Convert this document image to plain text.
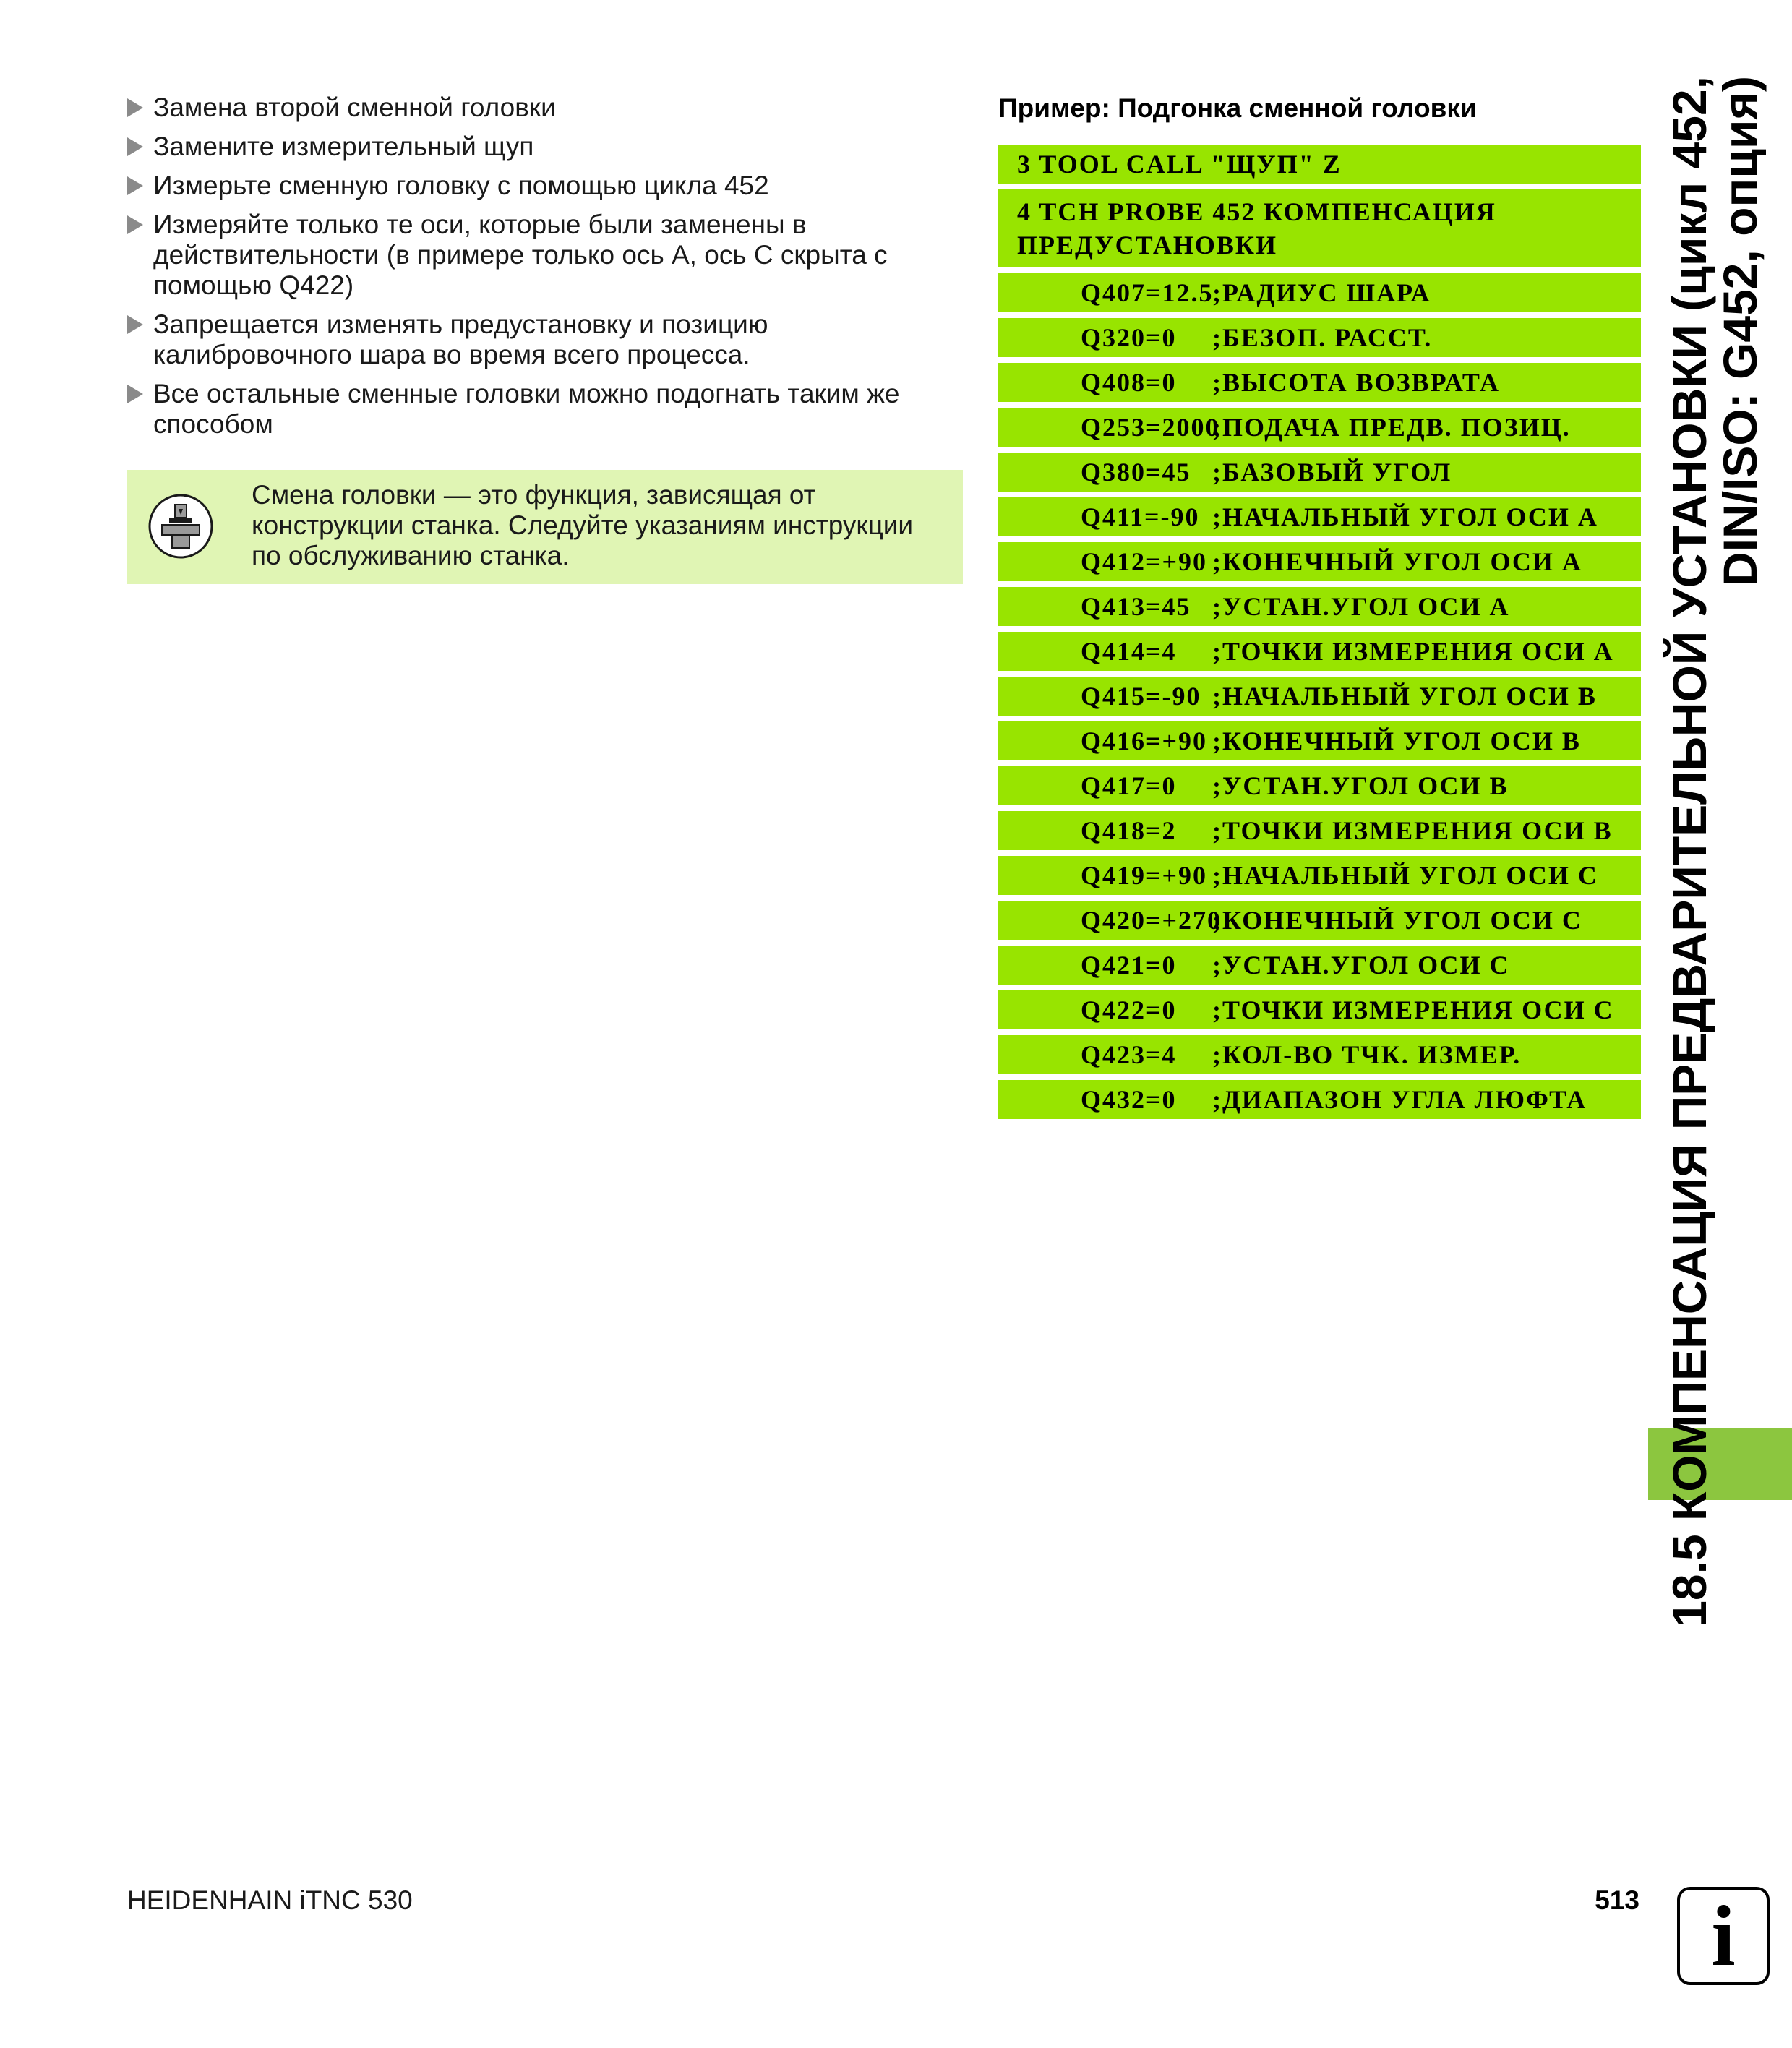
Замена второй сменной головки
Замените измерительный щуп
Измерьте сменную головку с помощью цикла 452
Измеряйте только те оси, которые были заменены в действительности (в примере только ось А, ось С скрыта с помощью Q422)
Запрещается изменять предустановку и позицию калибровочного шара во время всего процесса.
Все остальные сменные головки можно подогнать таким же способом
Смена головки — это функция, зависящая от конструкции станка. Следуйте указаниям инструкции по обслуживанию станка.
Пример: Подгонка сменной головки
3 TOOL CALL "ЩУП" Z
4 TCH PROBE 452 КОМПЕНСАЦИЯ ПРЕДУСТАНОВКИ
Q407=12.5
;РАДИУС ШАРА
Q320=0 ;БЕЗОП. РАССТ.
Q408=0 ;ВЫСОТА ВОЗВРАТА
Q253=2000
;ПОДАЧА ПРЕДВ. ПОЗИЦ.
Q380=45 ;БАЗОВЫЙ УГОЛ
Q411=-90 ;НАЧАЛЬНЫЙ УГОЛ ОСИ A
Q412=+90 ;КОНЕЧНЫЙ УГОЛ ОСИ A
Q413=45 ;УСТАН.УГОЛ ОСИ A
Q414=4 ;ТОЧКИ ИЗМЕРЕНИЯ ОСИ A
Q415=-90 ;НАЧАЛЬНЫЙ УГОЛ ОСИ B
Q416=+90 ;КОНЕЧНЫЙ УГОЛ ОСИ B
Q417=0 ;УСТАН.УГОЛ ОСИ B
Q418=2 ;ТОЧКИ ИЗМЕРЕНИЯ ОСИ B
Q419=+90 ;НАЧАЛЬНЫЙ УГОЛ ОСИ C
Q420=+270
;КОНЕЧНЫЙ УГОЛ ОСИ C
Q421=0 ;УСТАН.УГОЛ ОСИ C
Q422=0 ;ТОЧКИ ИЗМЕРЕНИЯ ОСИ C
Q423=4 ;КОЛ-ВО ТЧК. ИЗМЕР.
Q432=0 ;ДИАПАЗОН УГЛА ЛЮФТА 18.5 КОМПЕНСАЦИЯ ПРЕДВАРИТЕЛЬНОЙ УСТАНОВКИ (цикл 452,
DIN/ISO: G452, опция)
HEIDENHAIN iTNC 530	513 i
